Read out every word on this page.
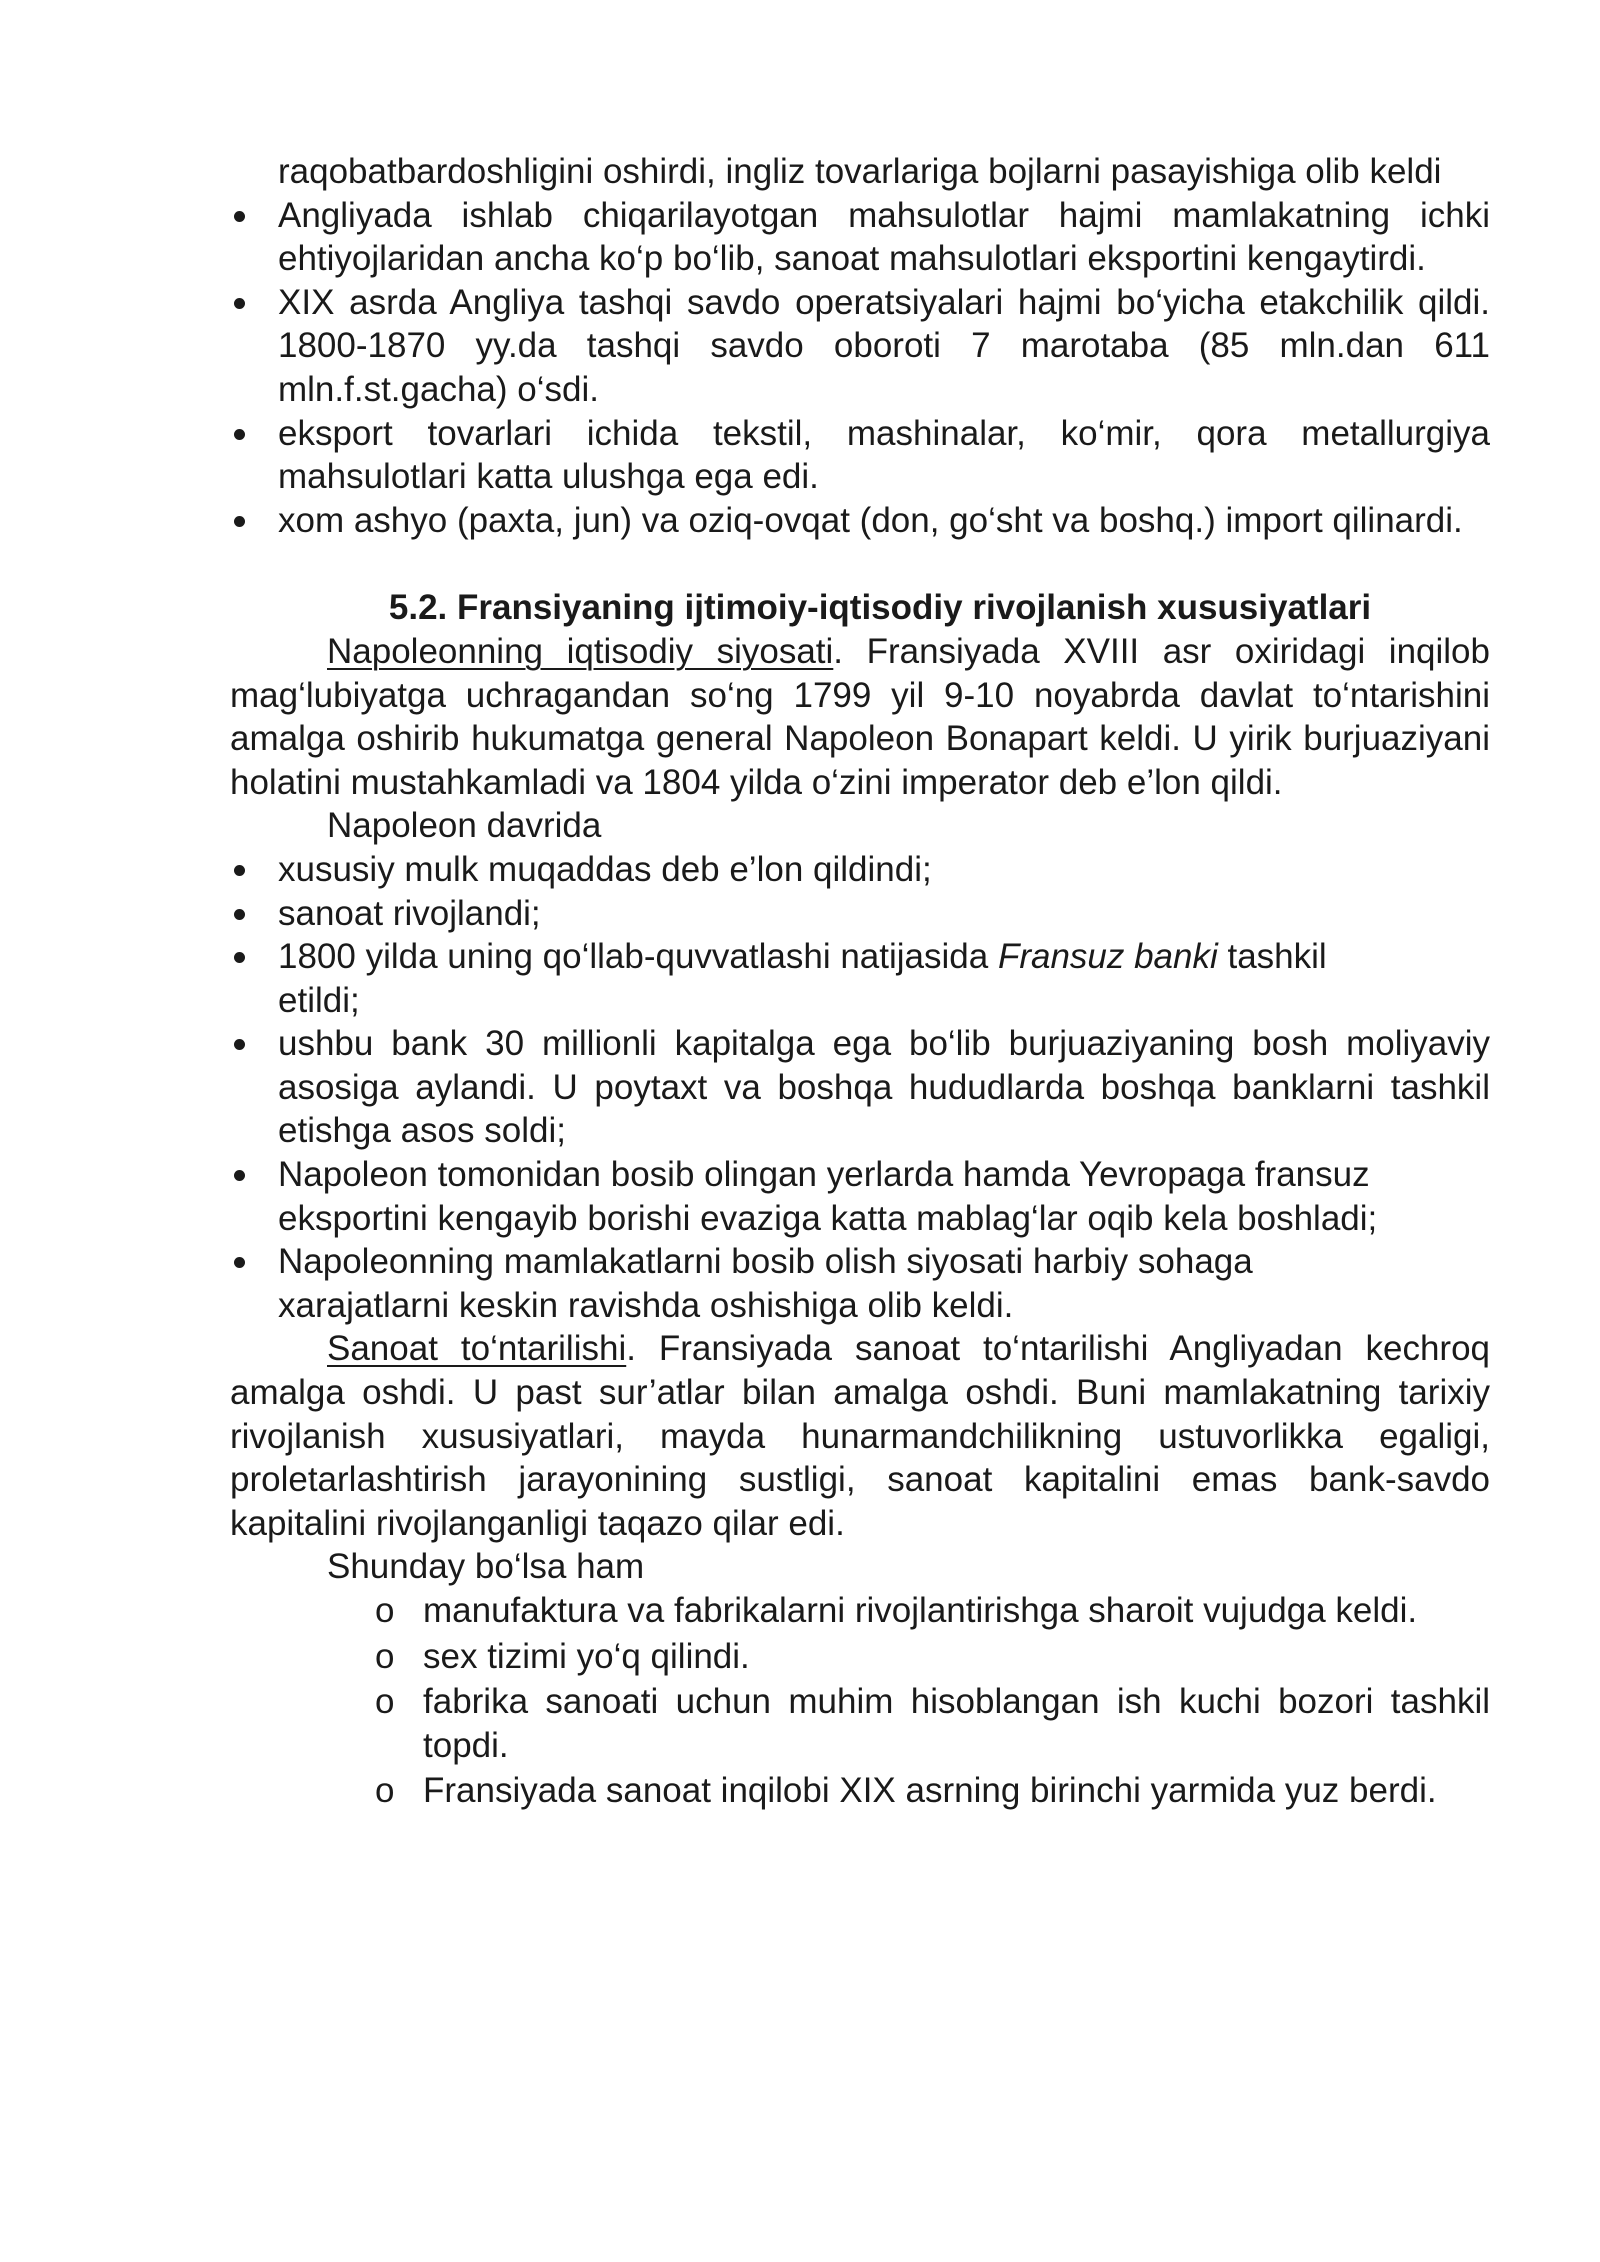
raqobatbardoshligini oshirdi, ingliz tovarlariga bojlarni pasayishiga olib keldi

Angliyada ishlab chiqarilayotgan mahsulotlar hajmi mamlakatning ichki ehtiyojlaridan ancha ko‘p bo‘lib, sanoat mahsulotlari eksportini kengaytirdi.

XIX asrda Angliya tashqi savdo operatsiyalari hajmi bo‘yicha etakchilik qildi. 1800-1870 yy.da tashqi savdo oboroti 7 marotaba (85 mln.dan 611 mln.f.st.gacha) o‘sdi.

eksport tovarlari ichida tekstil, mashinalar, ko‘mir, qora metallurgiya mahsulotlari katta ulushga ega edi.

xom ashyo (paxta, jun) va oziq-ovqat (don, go‘sht va boshq.) import qilinardi.

5.2. Fransiyaning ijtimoiy-iqtisodiy rivojlanish xususiyatlari

Napoleonning iqtisodiy siyosati. Fransiyada XVIII asr oxiridagi inqilob mag‘lubiyatga uchragandan so‘ng 1799 yil 9-10 noyabrda davlat to‘ntarishini amalga oshirib hukumatga general Napoleon Bonapart keldi. U yirik burjuaziyani holatini mustahkamladi va 1804 yilda o‘zini imperator deb e’lon qildi.

Napoleon davrida

xususiy mulk muqaddas deb e’lon qildindi;

sanoat rivojlandi;

1800 yilda uning qo‘llab-quvvatlashi natijasida Fransuz banki tashkil
etildi;

ushbu bank 30 millionli kapitalga ega bo‘lib burjuaziyaning bosh moliyaviy asosiga aylandi. U poytaxt va boshqa hududlarda boshqa banklarni tashkil etishga asos soldi;

Napoleon tomonidan bosib olingan yerlarda hamda Yevropaga fransuz
eksportini kengayib borishi evaziga katta mablag‘lar oqib kela boshladi;

Napoleonning mamlakatlarni bosib olish siyosati harbiy sohaga
xarajatlarni keskin ravishda oshishiga olib keldi.

Sanoat to‘ntarilishi. Fransiyada sanoat to‘ntarilishi Angliyadan kechroq amalga oshdi. U past sur’atlar bilan amalga oshdi. Buni mamlakatning tarixiy rivojlanish xususiyatlari, mayda hunarmandchilikning ustuvorlikka egaligi, proletarlashtirish jarayonining sustligi, sanoat kapitalini emas bank-savdo kapitalini rivojlanganligi taqazo qilar edi.

Shunday bo‘lsa ham

o manufaktura va fabrikalarni rivojlantirishga sharoit vujudga keldi.

o sex tizimi yo‘q qilindi.

o fabrika sanoati uchun muhim hisoblangan ish kuchi bozori tashkil topdi.

o Fransiyada sanoat inqilobi XIX asrning birinchi yarmida yuz berdi.
